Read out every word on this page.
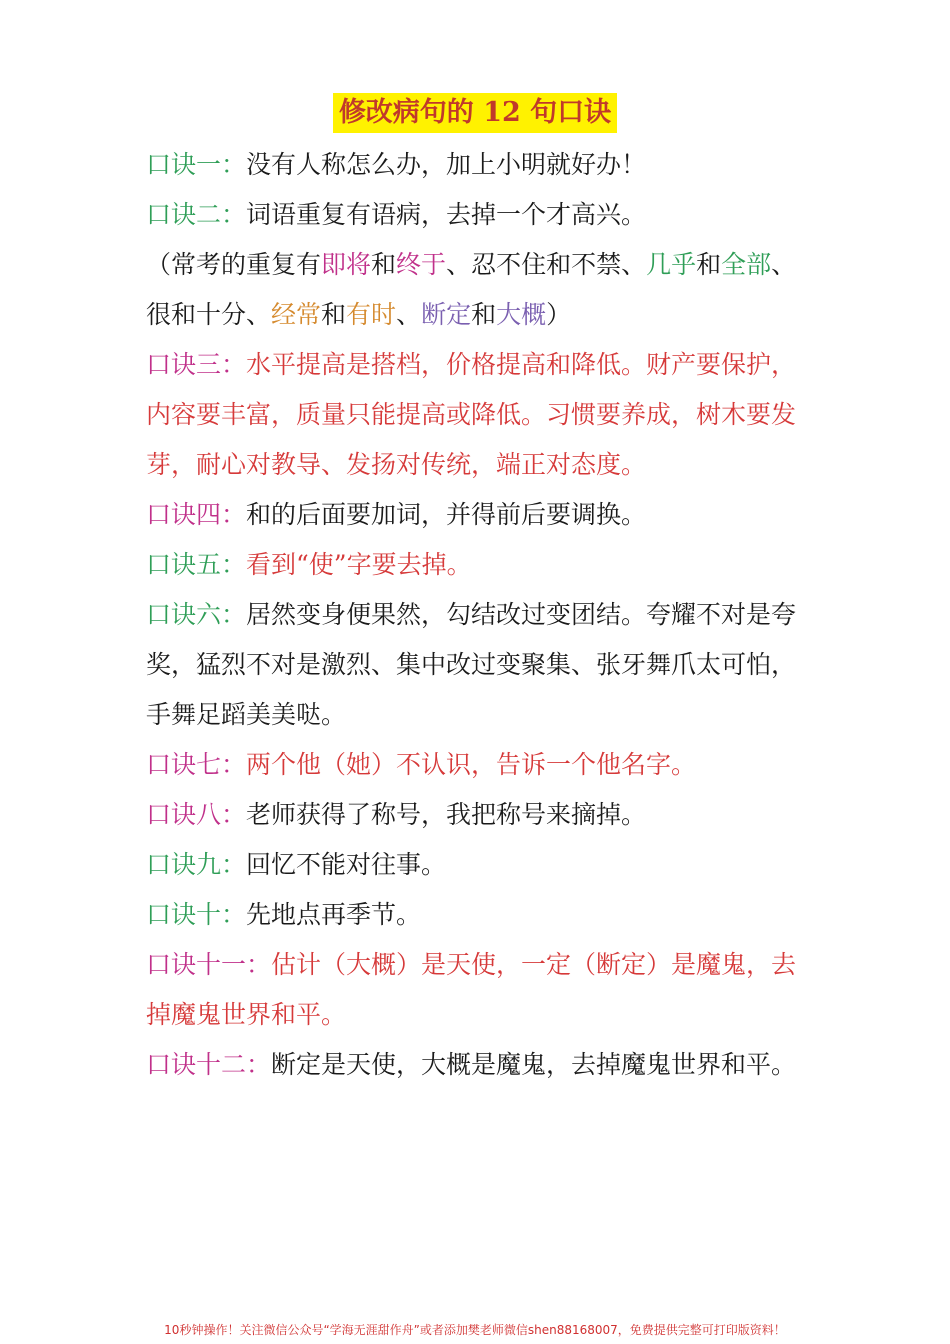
修改病句的 12 句口诀

口诀一：没有人称怎么办，加上小明就好办！

口诀二：词语重复有语病，去掉一个才高兴。

（常考的重复有即将和终于、忍不住和不禁、几乎和全部、很和十分、经常和有时、断定和大概）

口诀三：水平提高是搭档，价格提高和降低。财产要保护，内容要丰富，质量只能提高或降低。习惯要养成，树木要发芽，耐心对教导、发扬对传统，端正对态度。

口诀四：和的后面要加词，并得前后要调换。

口诀五：看到“使”字要去掉。

口诀六：居然变身便果然，勾结改过变团结。夸耀不对是夸奖，猛烈不对是激烈、集中改过变聚集、张牙舞爪太可怕，手舞足蹈美美哒。

口诀七：两个他（她）不认识，告诉一个他名字。

口诀八：老师获得了称号，我把称号来摘掉。

口诀九：回忆不能对往事。

口诀十：先地点再季节。

口诀十一：估计（大概）是天使，一定（断定）是魔鬼，去掉魔鬼世界和平。

口诀十二：断定是天使，大概是魔鬼，去掉魔鬼世界和平。

10秒钟操作！关注微信公众号“学海无涯甜作舟”或者添加樊老师微信shen88168007，免费提供完整可打印版资料！
